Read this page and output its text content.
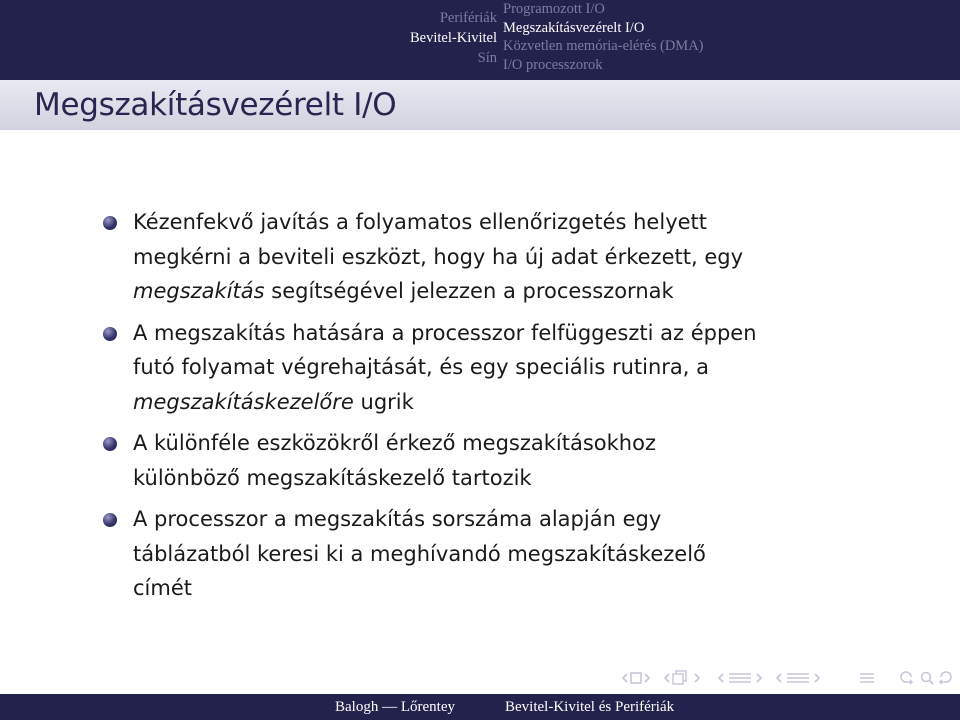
Perifériák
Bevitel-Kivitel
Sín
Programozott I/O
Megszakításvezérelt I/O
Közvetlen memória-elérés (DMA)
I/O processzorok
Megszakításvezérelt I/O
Kézenfekvő javítás a folyamatos ellenőrizgetés helyett
megkérni a beviteli eszközt, hogy ha új adat érkezett, egy
megszakítás segítségével jelezzen a processzornak
A megszakítás hatására a processzor felfüggeszti az éppen
futó folyamat végrehajtását, és egy speciális rutinra, a
megszakításkezelőre ugrik
A különféle eszközökről érkező megszakításokhoz
különböző megszakításkezelő tartozik
A processzor a megszakítás sorszáma alapján egy
táblázatból keresi ki a meghívandó megszakításkezelő
címét
Balogh — Lőrentey	Bevitel-Kivitel és Perifériák
